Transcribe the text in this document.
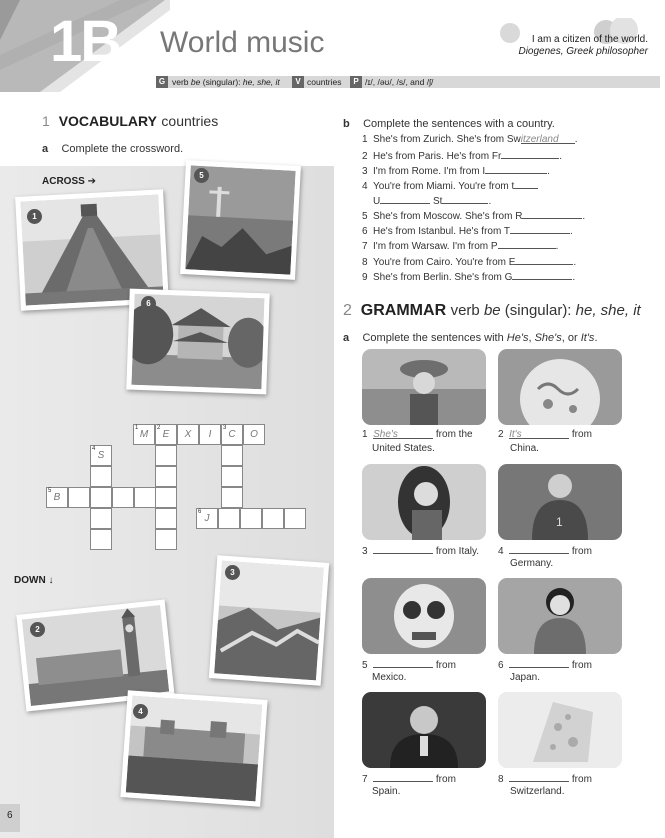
1B World music	I am a citizen of the world.
Diogenes, Greek philosopher
G verb be (singular): he, she, it	V countries	P /ɪ/, /əʊ/, /s/, and /ʃ/
1 VOCABULARY countries
a Complete the crossword.
ACROSS ➔
DOWN ↓
1
5
6
2
3
4
1
M
2
E	X	I
3
C	O
4
S
5
B
6
J
b Complete the sentences with a country.
1 She's from Zurich. She's from Switzerland .
2 He's from Paris. He's from Fr	.
3 I'm from Rome. I'm from I	.
4 You're from Miami. You're from t
U	St	.
5 She's from Moscow. She's from R	.
6 He's from Istanbul. He's from T	.
7 I'm from Warsaw. I'm from P	.
8 You're from Cairo. You're from E	.
9 She's from Berlin. She's from G	.
2 GRAMMAR verb be (singular): he, she, it
a Complete the sentences with He's, She's, or It's.
1
1 She's	from the
United States.
2 It's	from
China.
3	from Italy. 4	from
Germany.
5	from
Mexico.
6	from
Japan.
7	from
Spain.
8	from
Switzerland.
6
